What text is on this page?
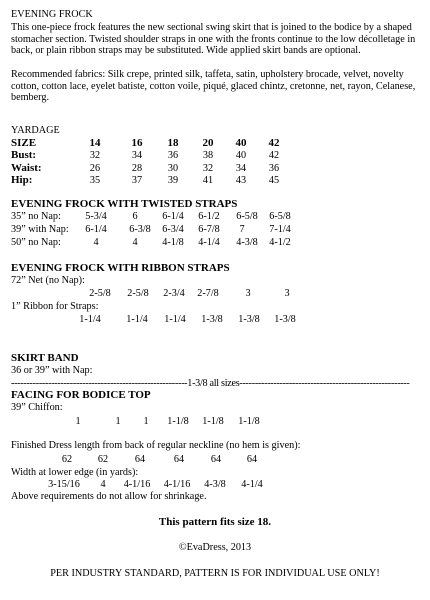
EVENING FROCK
This one-piece frock features the new sectional swing skirt that is joined to the bodice by a shaped stomacher section. Twisted shoulder straps in one with the fronts continue to the low décolletage in back, or plain ribbon straps may be substituted. Wide applied skirt bands are optional.
Recommended fabrics: Silk crepe, printed silk, taffeta, satin, upholstery brocade, velvet, novelty cotton, cotton lace, eyelet batiste, cotton voile, piqué, glaced chintz, cretonne, net, rayon, Celanese, bemberg.
YARDAGE
SIZE	14	16	18	20	40	42
Bust:	32	34	36	38	40	42
Waist:	26	28	30	32	34	36
Hip:	35	37	39	41	43	45
EVENING FROCK WITH TWISTED STRAPS
35” no Nap:	5-3/4	6	6-1/4	6-1/2	6-5/8	6-5/8
39” with Nap:	6-1/4	6-3/8	6-3/4	6-7/8	7	7-1/4
50” no Nap:	4	4	4-1/8	4-1/4	4-3/8	4-1/2
EVENING FROCK WITH RIBBON STRAPS
72” Net (no Nap):
2-5/8	2-5/8	2-3/4	2-7/8	3	3
1” Ribbon for Straps:
1-1/4	1-1/4	1-1/4	1-3/8	1-3/8	1-3/8
SKIRT BAND
36 or 39” with Nap:
---------------------------------------------------------1-3/8 all sizes-------------------------------------------------------
FACING FOR BODICE TOP
39” Chiffon:
1	1	1	1-1/8	1-1/8	1-1/8
Finished Dress length from back of regular neckline (no hem is given):
62	62	64	64	64	64
Width at lower edge (in yards):
3-15/16	4	4-1/16	4-1/16	4-3/8	4-1/4
Above requirements do not allow for shrinkage.
This pattern fits size 18.
©EvaDress, 2013
PER INDUSTRY STANDARD, PATTERN IS FOR INDIVIDUAL USE ONLY!
